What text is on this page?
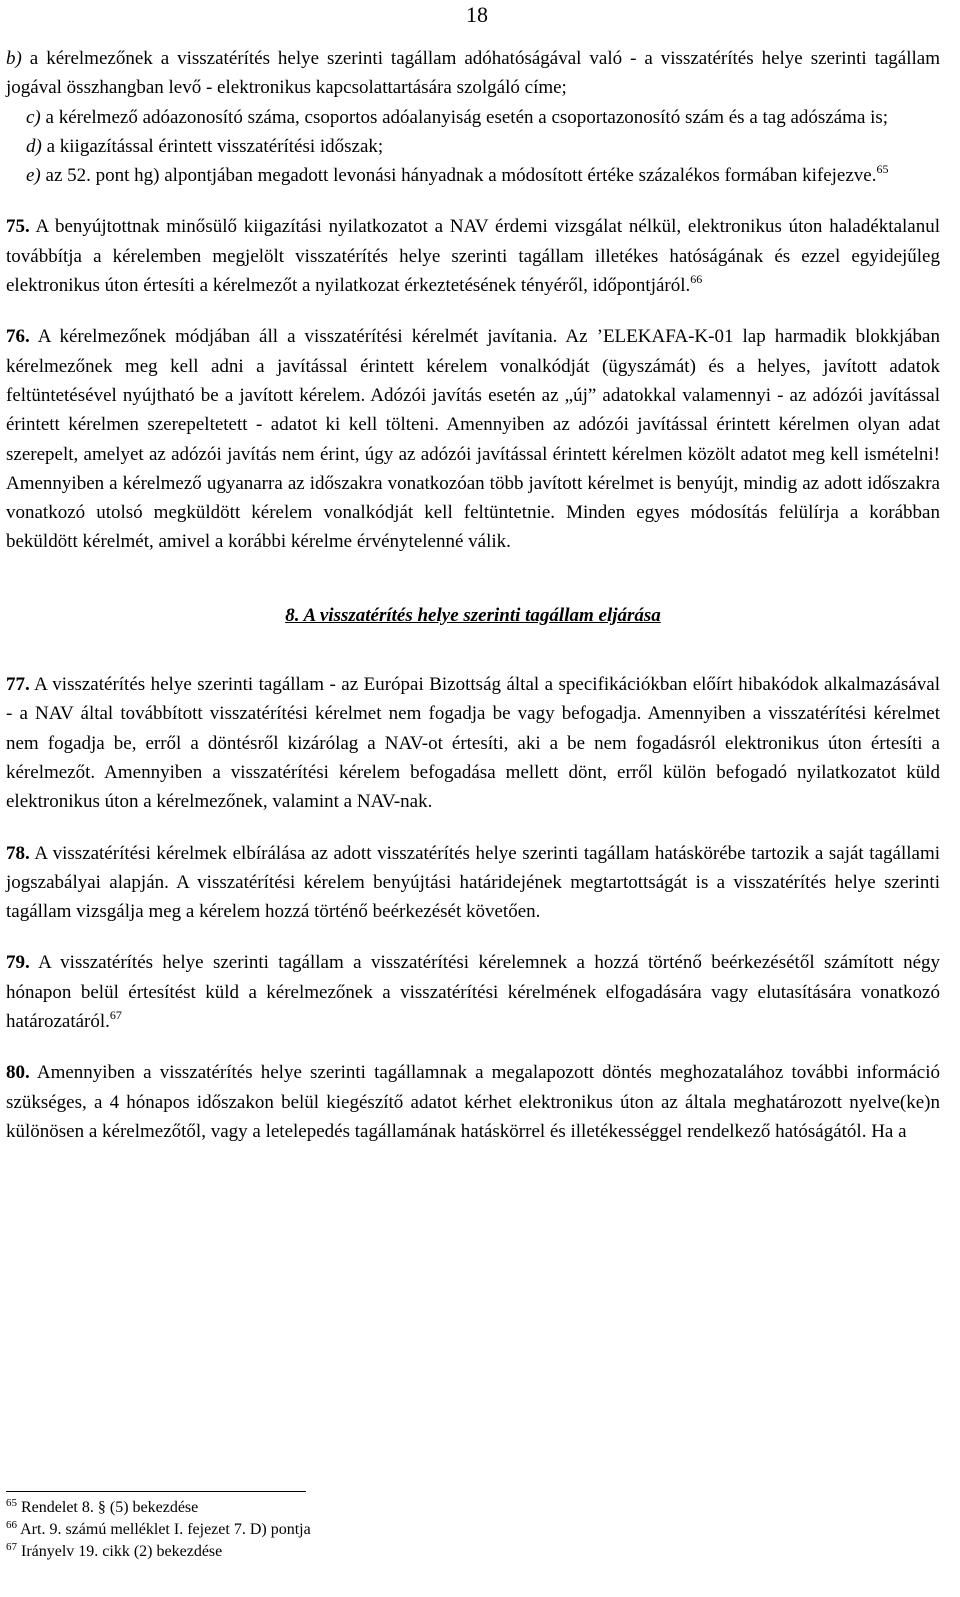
18

b) a kérelmezőnek a visszatérítés helye szerinti tagállam adóhatóságával való - a visszatérítés helye szerinti tagállam jogával összhangban levő - elektronikus kapcsolattartására szolgáló címe;

c) a kérelmező adóazonosító száma, csoportos adóalanyiság esetén a csoportazonosító szám és a tag adószáma is;

d) a kiigazítással érintett visszatérítési időszak;

e) az 52. pont hg) alpontjában megadott levonási hányadnak a módosított értéke százalékos formában kifejezve.$^{65}$

75. A benyújtottnak minősülő kiigazítási nyilatkozatot a NAV érdemi vizsgálat nélkül, elektronikus úton haladéktalanul továbbítja a kérelemben megjelölt visszatérítés helye szerinti tagállam illetékes hatóságának és ezzel egyidejűleg elektronikus úton értesíti a kérelmezőt a nyilatkozat érkeztetésének tényéről, időpontjáról.$^{66}$

76. A kérelmezőnek módjában áll a visszatérítési kérelmét javítania. Az ’ELEKAFA-K-01 lap harmadik blokkjában kérelmezőnek meg kell adni a javítással érintett kérelem vonalkódját (ügyszámát) és a helyes, javított adatok feltüntetésével nyújtható be a javított kérelem. Adózói javítás esetén az „új” adatokkal valamennyi - az adózói javítással érintett kérelmen szerepeltetett - adatot ki kell tölteni. Amennyiben az adózói javítással érintett kérelmen olyan adat szerepelt, amelyet az adózói javítás nem érint, úgy az adózói javítással érintett kérelmen közölt adatot meg kell ismételni! Amennyiben a kérelmező ugyanarra az időszakra vonatkozóan több javított kérelmet is benyújt, mindig az adott időszakra vonatkozó utolsó megküldött kérelem vonalkódját kell feltüntetnie. Minden egyes módosítás felülírja a korábban beküldött kérelmét, amivel a korábbi kérelme érvénytelenné válik.

8. A visszatérítés helye szerinti tagállam eljárása

77. A visszatérítés helye szerinti tagállam - az Európai Bizottság által a specifikációkban előírt hibakódok alkalmazásával - a NAV által továbbított visszatérítési kérelmet nem fogadja be vagy befogadja. Amennyiben a visszatérítési kérelmet nem fogadja be, erről a döntésről kizárólag a NAV-ot értesíti, aki a be nem fogadásról elektronikus úton értesíti a kérelmezőt. Amennyiben a visszatérítési kérelem befogadása mellett dönt, erről külön befogadó nyilatkozatot küld elektronikus úton a kérelmezőnek, valamint a NAV-nak.

78. A visszatérítési kérelmek elbírálása az adott visszatérítés helye szerinti tagállam hatáskörébe tartozik a saját tagállami jogszabályai alapján. A visszatérítési kérelem benyújtási határidejének megtartottságát is a visszatérítés helye szerinti tagállam vizsgálja meg a kérelem hozzá történő beérkezését követően.

79. A visszatérítés helye szerinti tagállam a visszatérítési kérelemnek a hozzá történő beérkezésétől számított négy hónapon belül értesítést küld a kérelmezőnek a visszatérítési kérelmének elfogadására vagy elutasítására vonatkozó határozatáról.$^{67}$

80. Amennyiben a visszatérítés helye szerinti tagállamnak a megalapozott döntés meghozatalához további információ szükséges, a 4 hónapos időszakon belül kiegészítő adatot kérhet elektronikus úton az általa meghatározott nyelve(ke)n különösen a kérelmezőtől, vagy a letelepedés tagállamának hatáskörrel és illetékességgel rendelkező hatóságától. Ha a

$^{65}$ Rendelet 8. § (5) bekezdése
$^{66}$ Art. 9. számú melléklet I. fejezet 7. D) pontja
$^{67}$ Irányelv 19. cikk (2) bekezdése
